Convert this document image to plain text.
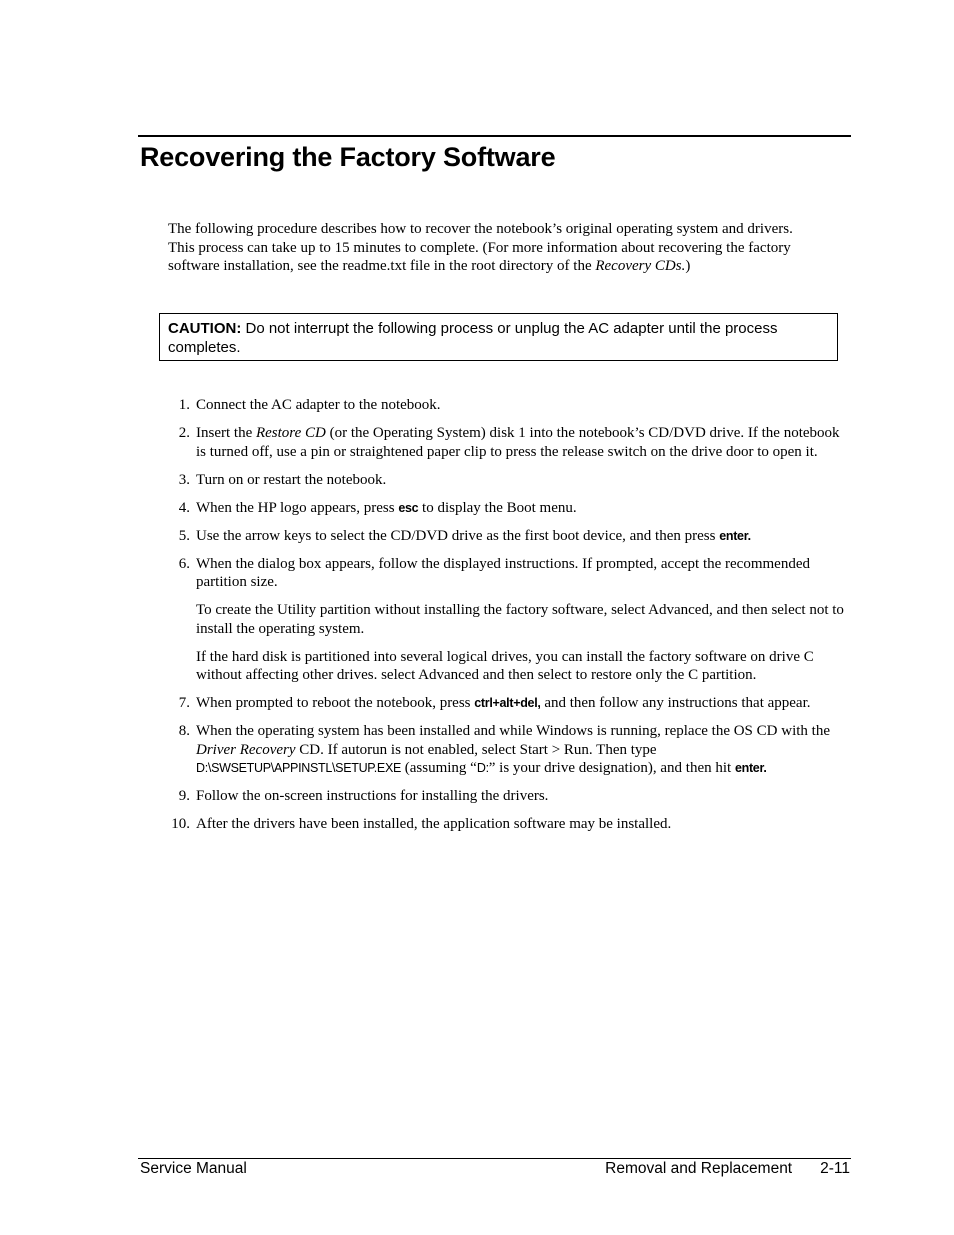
Recovering the Factory Software

The following procedure describes how to recover the notebook’s original operating system and drivers. This process can take up to 15 minutes to complete. (For more information about recovering the factory software installation, see the readme.txt file in the root directory of the Recovery CDs.)

CAUTION: Do not interrupt the following process or unplug the AC adapter until the process completes.
1. Connect the AC adapter to the notebook.

2. Insert the Restore CD (or the Operating System) disk 1 into the notebook’s CD/DVD drive. If the notebook is turned off, use a pin or straightened paper clip to press the release switch on the drive door to open it.

3. Turn on or restart the notebook.

4. When the HP logo appears, press esc to display the Boot menu.

5. Use the arrow keys to select the CD/DVD drive as the first boot device, and then press enter.

6. When the dialog box appears, follow the displayed instructions. If prompted, accept the recommended partition size.

To create the Utility partition without installing the factory software, select Advanced, and then select not to install the operating system.

If the hard disk is partitioned into several logical drives, you can install the factory software on drive C without affecting other drives. select Advanced and then select to restore only the C partition.

7. When prompted to reboot the notebook, press ctrl+alt+del, and then follow any instructions that appear.

8. When the operating system has been installed and while Windows is running, replace the OS CD with the Driver Recovery CD. If autorun is not enabled, select Start > Run. Then type D:\SWSETUP\APPINSTL\SETUP.EXE (assuming “D:” is your drive designation), and then hit enter.

9. Follow the on-screen instructions for installing the drivers.

10. After the drivers have been installed, the application software may be installed.

Service Manual	Removal and Replacement 2-11
